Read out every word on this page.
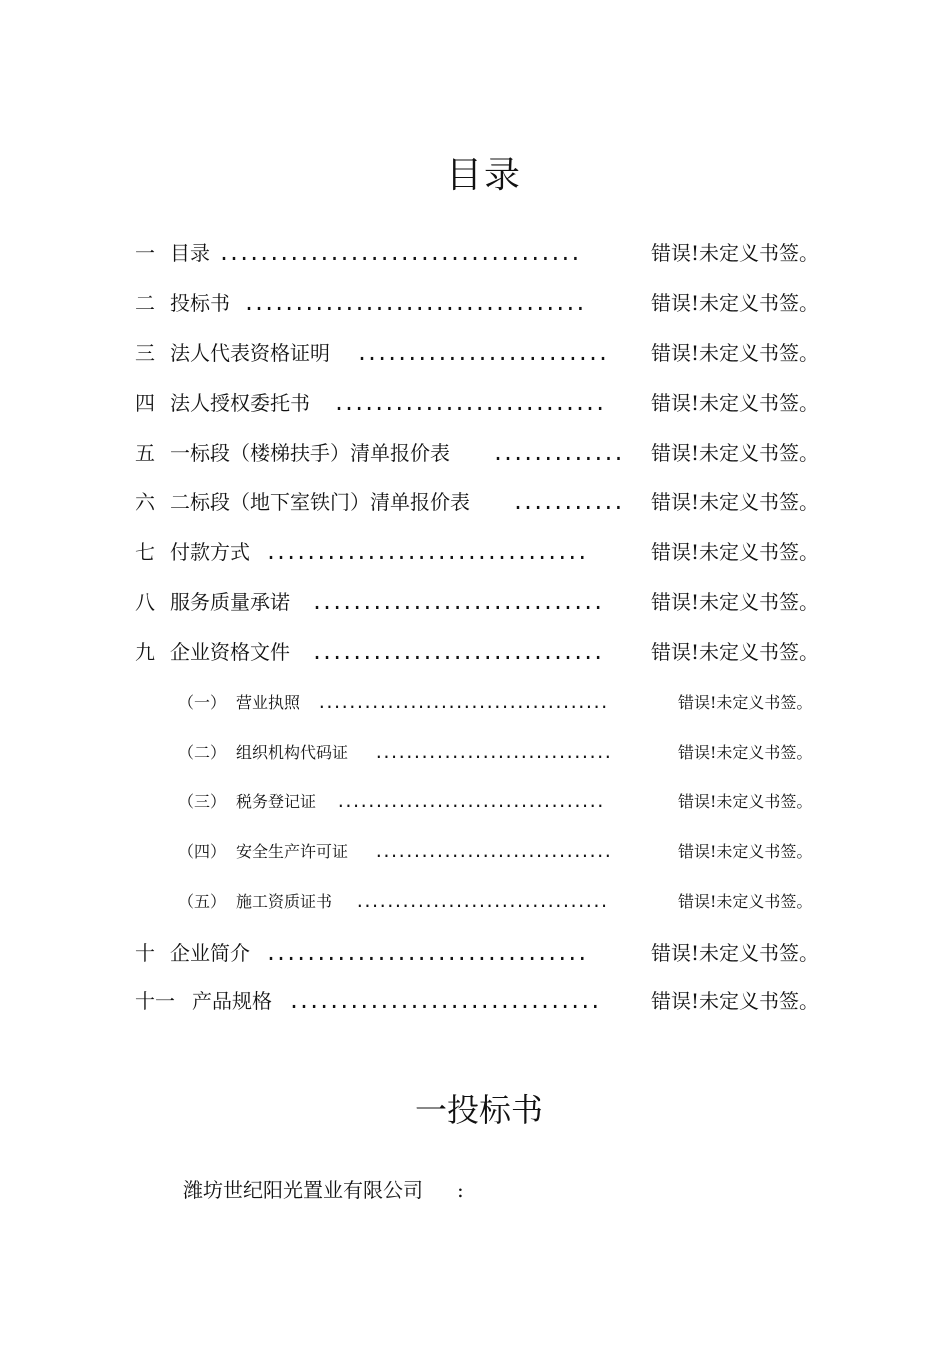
目录
一 目录 ....................................	错误!未定义书签。
二 投标书 ..................................	错误!未定义书签。
三 法人代表资格证明 ......................... 错误!未定义书签。
四 法人授权委托书 ........................... 错误!未定义书签。
五 一标段（楼梯扶手）清单报价表 ............. 错误!未定义书签。
六 二标段（地下室铁门）清单报价表 ........... 错误!未定义书签。
七 付款方式 ................................	错误!未定义书签。
八 服务质量承诺 ............................. 错误!未定义书签。
九 企业资格文件 ............................. 错误!未定义书签。
（一） 营业执照 ......................................	错误!未定义书签。
（二） 组织机构代码证 ...............................	错误!未定义书签。
（三） 税务登记证 ...................................	错误!未定义书签。
（四） 安全生产许可证 ...............................	错误!未定义书签。
（五） 施工资质证书 .................................	错误!未定义书签。
十 企业简介 ................................	错误!未定义书签。
十一 产品规格 ...............................	错误!未定义书签。
一投标书
潍坊世纪阳光置业有限公司 :
